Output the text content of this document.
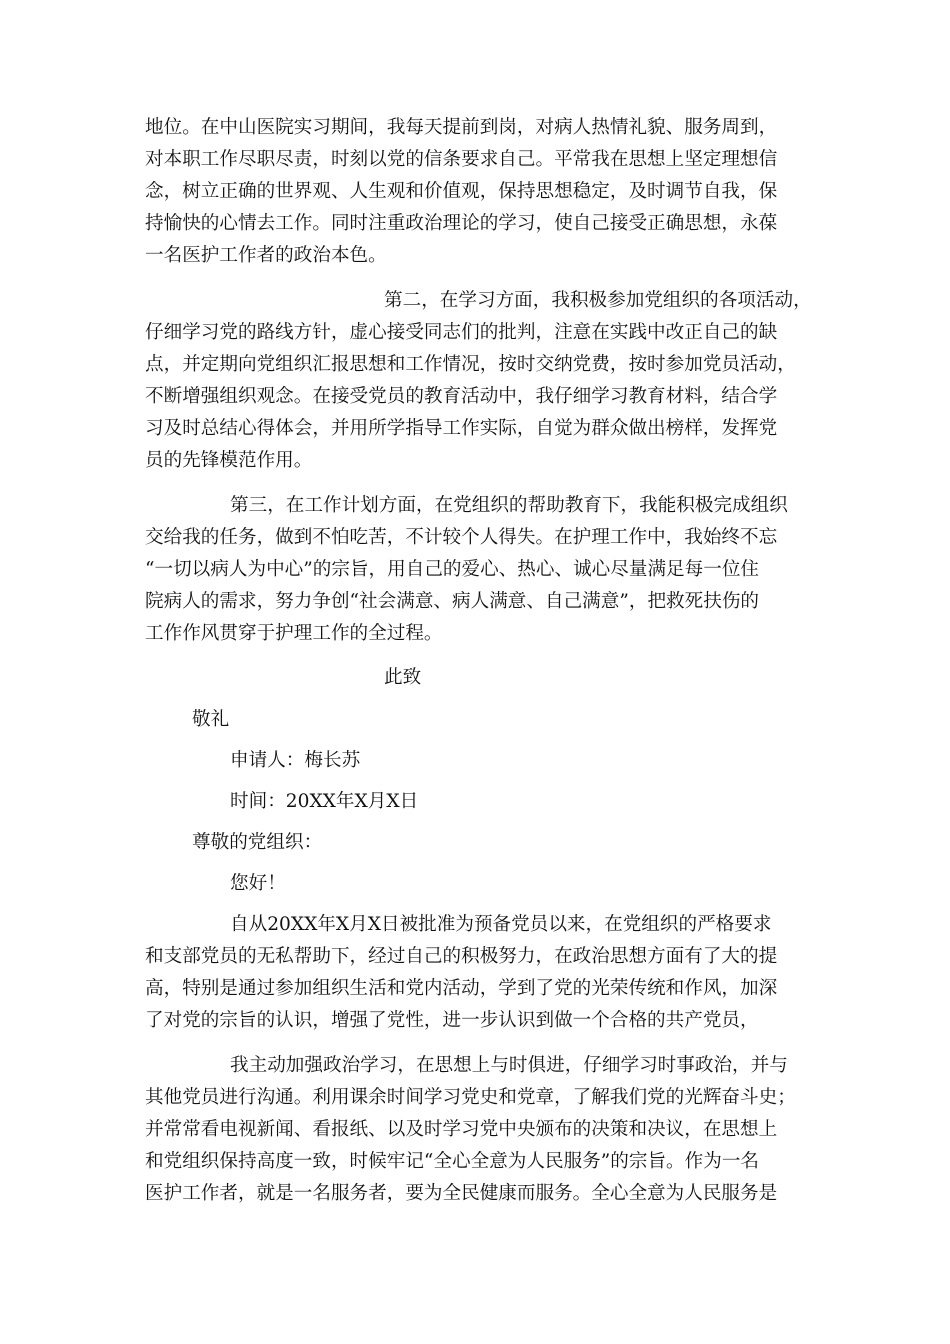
地位。在中山医院实习期间，我每天提前到岗，对病人热情礼貌、服务周到，
对本职工作尽职尽责，时刻以党的信条要求自己。平常我在思想上坚定理想信
念，树立正确的世界观、人生观和价值观，保持思想稳定，及时调节自我，保
持愉快的心情去工作。同时注重政治理论的学习，使自己接受正确思想，永葆
一名医护工作者的政治本色。
第二，在学习方面，我积极参加党组织的各项活动，
仔细学习党的路线方针，虚心接受同志们的批判，注意在实践中改正自己的缺
点，并定期向党组织汇报思想和工作情况，按时交纳党费，按时参加党员活动，
不断增强组织观念。在接受党员的教育活动中，我仔细学习教育材料，结合学
习及时总结心得体会，并用所学指导工作实际，自觉为群众做出榜样，发挥党
员的先锋模范作用。
第三，在工作计划方面，在党组织的帮助教育下，我能积极完成组织
交给我的任务，做到不怕吃苦，不计较个人得失。在护理工作中，我始终不忘
“一切以病人为中心”的宗旨，用自己的爱心、热心、诚心尽量满足每一位住
院病人的需求，努力争创“社会满意、病人满意、自己满意”，把救死扶伤的
工作作风贯穿于护理工作的全过程。
此致
敬礼
申请人：梅长苏
时间：20XX年X月X日
尊敬的党组织：
您好！
自从20XX年X月X日被批准为预备党员以来，在党组织的严格要求
和支部党员的无私帮助下，经过自己的积极努力，在政治思想方面有了大的提
高，特别是通过参加组织生活和党内活动，学到了党的光荣传统和作风，加深
了对党的宗旨的认识，增强了党性，进一步认识到做一个合格的共产党员，
我主动加强政治学习，在思想上与时俱进，仔细学习时事政治，并与
其他党员进行沟通。利用课余时间学习党史和党章，了解我们党的光辉奋斗史；
并常常看电视新闻、看报纸、以及时学习党中央颁布的决策和决议，在思想上
和党组织保持高度一致，时候牢记“全心全意为人民服务”的宗旨。作为一名
医护工作者，就是一名服务者，要为全民健康而服务。全心全意为人民服务是
